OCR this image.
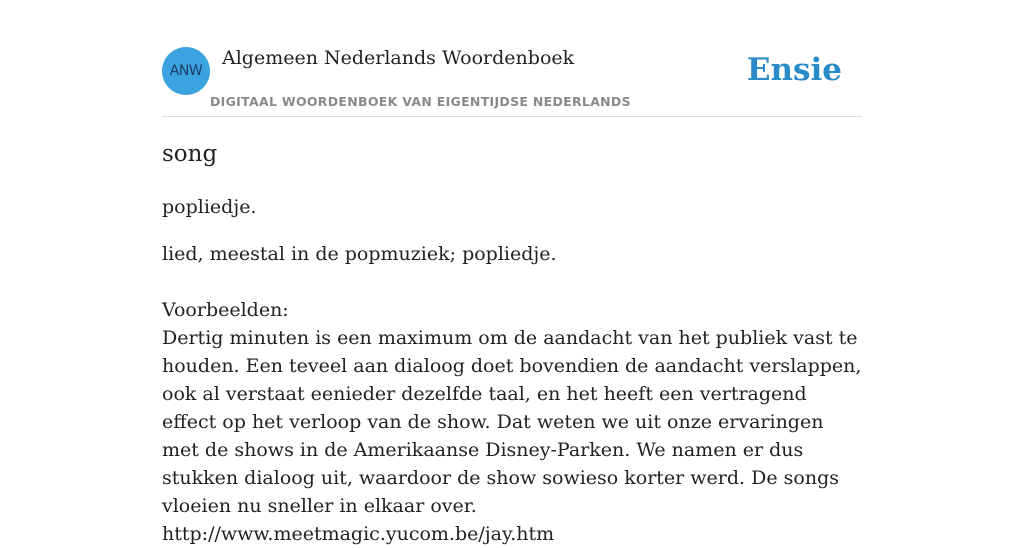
ANW
Algemeen Nederlands Woordenboek
DIGITAAL WOORDENBOEK VAN EIGENTIJDSE NEDERLANDS
Ensie
song

popliedje.

lied, meestal in de popmuziek; popliedje.

Voorbeelden:

Dertig minuten is een maximum om de aandacht van het publiek vast te houden. Een teveel aan dialoog doet bovendien de aandacht verslappen, ook al verstaat eenieder dezelfde taal, en het heeft een vertragend effect op het verloop van de show. Dat weten we uit onze ervaringen met de shows in de Amerikaanse Disney-Parken. We namen er dus stukken dialoog uit, waardoor de show sowieso korter werd. De songs vloeien nu sneller in elkaar over.

http://www.meetmagic.yucom.be/jay.htm
